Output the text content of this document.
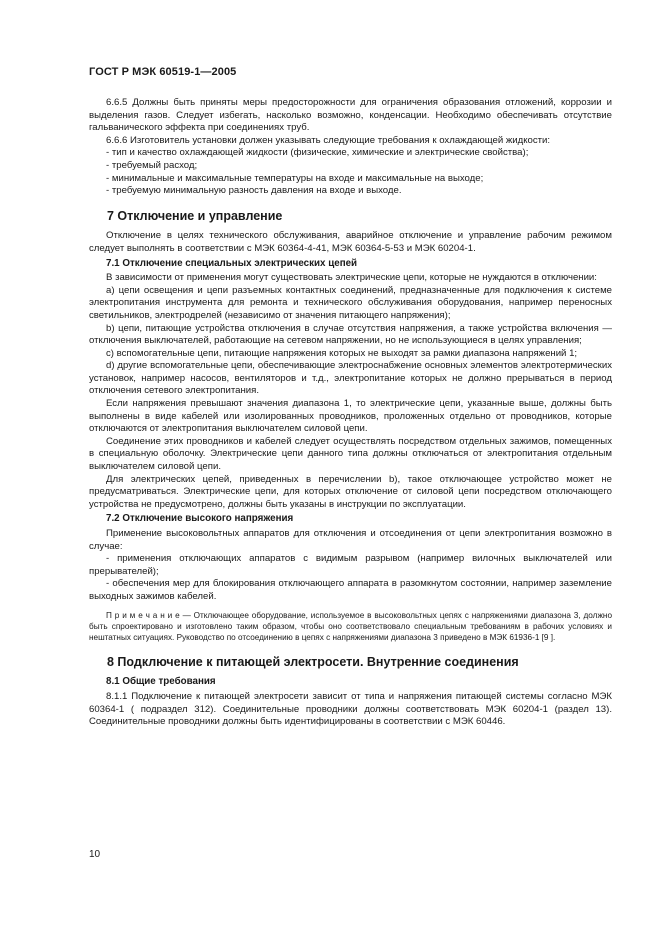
ГОСТ Р МЭК 60519-1—2005

6.6.5 Должны быть приняты меры предосторожности для ограничения образования отложений, коррозии и выделения газов. Следует избегать, насколько возможно, конденсации. Необходимо обеспечивать отсутствие гальванического эффекта при соединениях труб.

6.6.6 Изготовитель установки должен указывать следующие требования к охлаждающей жидкости:

- тип и качество охлаждающей жидкости (физические, химические и электрические свойства);

- требуемый расход;

- минимальные и максимальные температуры на входе и максимальные на выходе;

- требуемую минимальную разность давления на входе и выходе.

7 Отключение и управление

Отключение в целях технического обслуживания, аварийное отключение и управление рабочим режимом следует выполнять в соответствии с МЭК 60364-4-41, МЭК 60364-5-53 и МЭК 60204-1.

7.1 Отключение специальных электрических цепей

В зависимости от применения могут существовать электрические цепи, которые не нуждаются в отключении:

а) цепи освещения и цепи разъемных контактных соединений, предназначенные для подключения к системе электропитания инструмента для ремонта и технического обслуживания оборудования, например переносных светильников, электродрелей (независимо от значения питающего напряжения);

b) цепи, питающие устройства отключения в случае отсутствия напряжения, а также устройства включения — отключения выключателей, работающие на сетевом напряжении, но не использующиеся в целях управления;

с) вспомогательные цепи, питающие напряжения которых не выходят за рамки диапазона напряжений 1;

d) другие вспомогательные цепи, обеспечивающие электроснабжение основных элементов электротермических установок, например насосов, вентиляторов и т.д., электропитание которых не должно прерываться в период отключения сетевого электропитания.

Если напряжения превышают значения диапазона 1, то электрические цепи, указанные выше, должны быть выполнены в виде кабелей или изолированных проводников, проложенных отдельно от проводников, которые отключаются от электропитания выключателем силовой цепи.

Соединение этих проводников и кабелей следует осуществлять посредством отдельных зажимов, помещенных в специальную оболочку. Электрические цепи данного типа должны отключаться от электропитания отдельным выключателем силовой цепи.

Для электрических цепей, приведенных в перечислении b), такое отключающее устройство может не предусматриваться. Электрические цепи, для которых отключение от силовой цепи посредством отключающего устройства не предусмотрено, должны быть указаны в инструкции по эксплуатации.

7.2 Отключение высокого напряжения

Применение высоковольтных аппаратов для отключения и отсоединения от цепи электропитания возможно в случае:

- применения отключающих аппаратов с видимым разрывом (например вилочных выключателей или прерывателей);

- обеспечения мер для блокирования отключающего аппарата в разомкнутом состоянии, например заземление выходных зажимов кабелей.

П р и м е ч а н и е — Отключающее оборудование, используемое в высоковольтных цепях с напряжениями диапазона 3, должно быть спроектировано и изготовлено таким образом, чтобы оно соответствовало специальным требованиям в рабочих условиях и нештатных ситуациях. Руководство по отсоединению в цепях с напряжениями диапазона 3 приведено в МЭК 61936-1 [9 ].

8 Подключение к питающей электросети. Внутренние соединения
8.1 Общие требования

8.1.1 Подключение к питающей электросети зависит от типа и напряжения питающей системы согласно МЭК 60364-1 ( подраздел 312). Соединительные проводники должны соответствовать МЭК 60204-1 (раздел 13). Соединительные проводники должны быть идентифицированы в соответствии с МЭК 60446.

10
